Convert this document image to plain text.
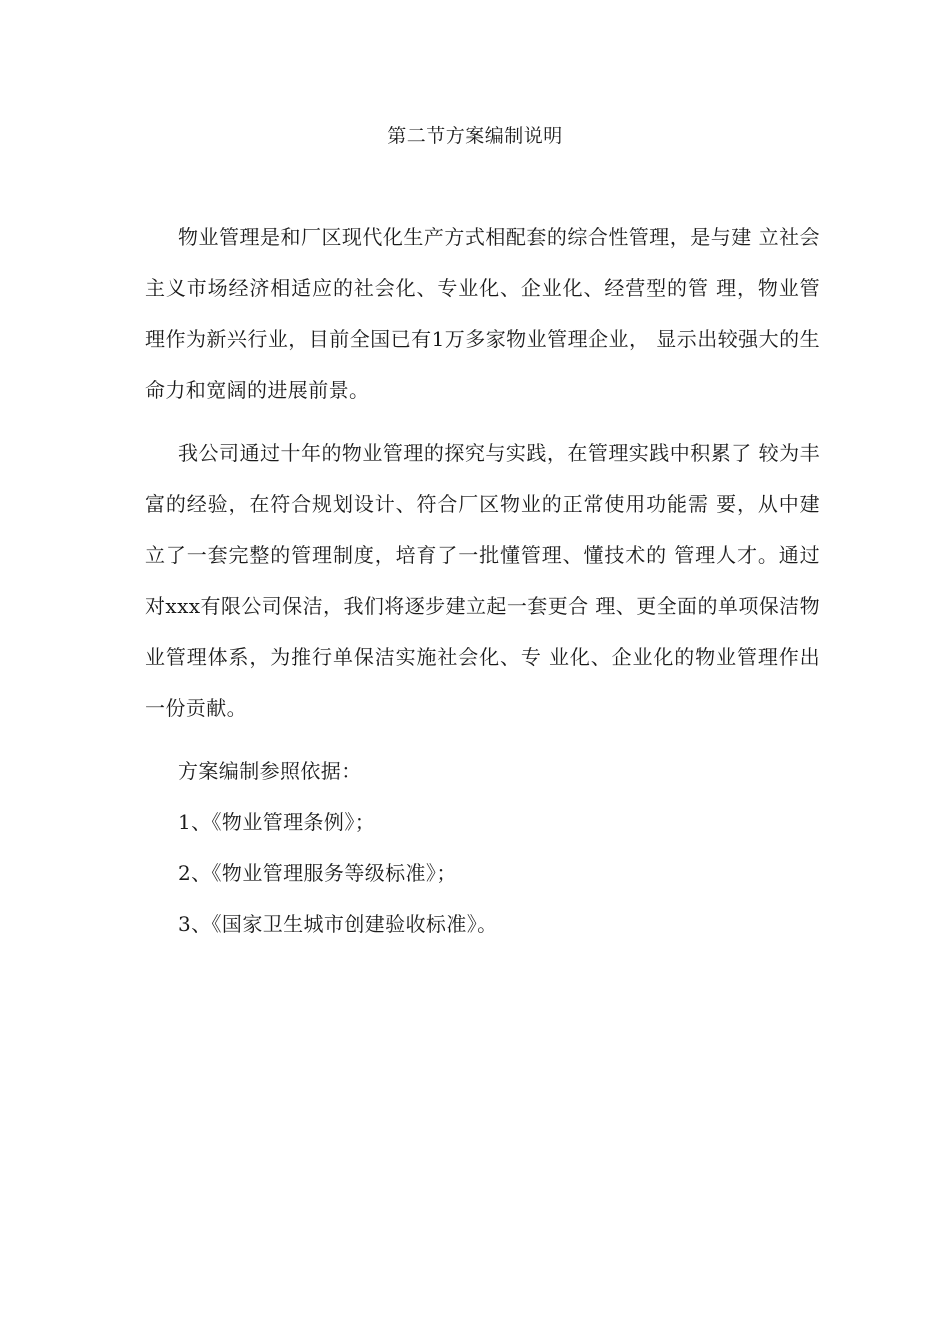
第二节方案编制说明

物业管理是和厂区现代化生产方式相配套的综合性管理，是与建 立社会主义市场经济相适应的社会化、专业化、企业化、经营型的管 理，物业管理作为新兴行业，目前全国已有1万多家物业管理企业， 显示出较强大的生命力和宽阔的进展前景。

我公司通过十年的物业管理的探究与实践，在管理实践中积累了 较为丰富的经验，在符合规划设计、符合厂区物业的正常使用功能需 要，从中建立了一套完整的管理制度，培育了一批懂管理、懂技术的 管理人才。通过对xxx有限公司保洁，我们将逐步建立起一套更合 理、更全面的单项保洁物业管理体系，为推行单保洁实施社会化、专 业化、企业化的物业管理作出一份贡献。

方案编制参照依据：

1、《物业管理条例》；

2、《物业管理服务等级标准》；

3、《国家卫生城市创建验收标准》。
